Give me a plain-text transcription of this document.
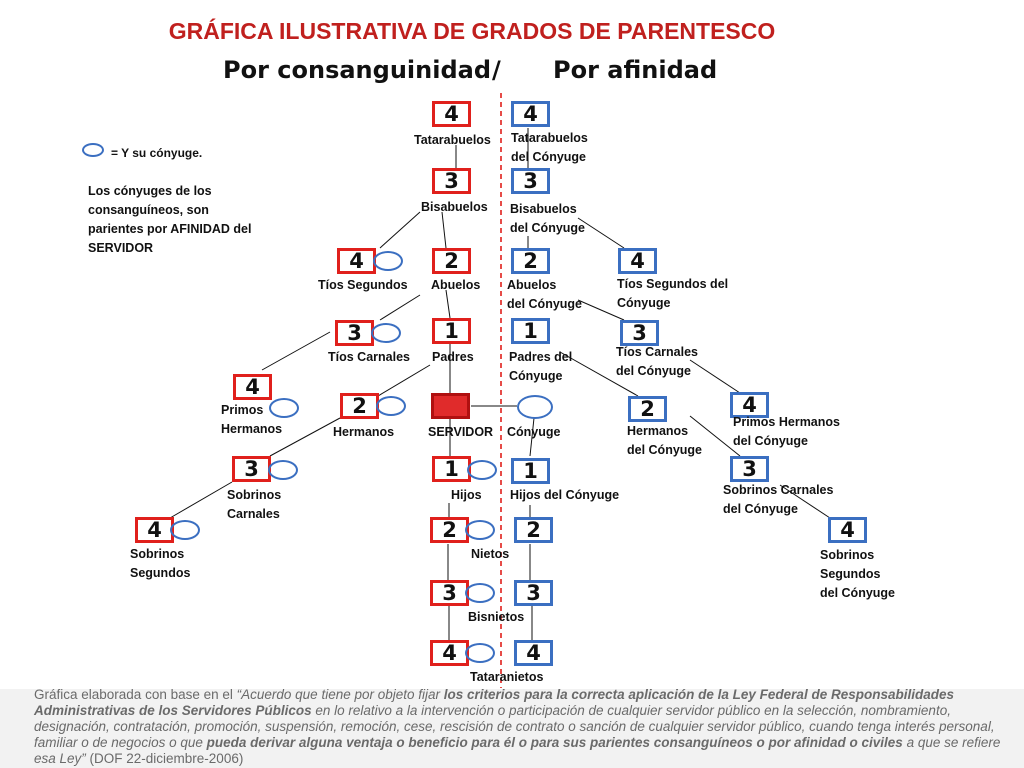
GRÁFICA ILUSTRATIVA DE GRADOS DE PARENTESCO
Por consanguinidad / Por afinidad
= Y su cónyuge.
Los cónyuges de los consanguíneos, son parientes por AFINIDAD del SERVIDOR
4
3
2
1
4
3
4
2
3
4
1
2
3
4
4
3
2
1
4
3
4
2
3
4
1
2
3
4
Tatarabuelos
Bisabuelos
Abuelos
Tíos Segundos
Tíos Carnales Padres
Primos
Hermanos	Hermanos	SERVIDOR
Sobrinos
Carnales
Sobrinos
Segundos
Hijos
Nietos
Bisnietos
Tataranietos
Tatarabuelos
del Cónyuge
Bisabuelos
del Cónyuge
Abuelos
del Cónyuge
Tíos Segundos del
Cónyuge
Padres del
Cónyuge
Tíos Carnales
del Cónyuge
Cónyuge	Hermanos
del Cónyuge
Primos Hermanos
del Cónyuge
Sobrinos Carnales
del Cónyuge
Hijos del Cónyuge
Sobrinos
Segundos
del Cónyuge
Gráfica elaborada con base en el “Acuerdo que tiene por objeto fijar los criterios para la correcta aplicación de la Ley Federal de Responsabilidades Administrativas de los Servidores Públicos en lo relativo a la intervención o participación de cualquier servidor público en la selección, nombramiento, designación, contratación, promoción, suspensión, remoción, cese, rescisión de contrato o sanción de cualquier servidor público, cuando tenga interés personal, familiar o de negocios o que pueda derivar alguna ventaja o beneficio para él o para sus parientes consanguíneos o por afinidad o civiles a que se refiere esa Ley” (DOF 22-diciembre-2006)
